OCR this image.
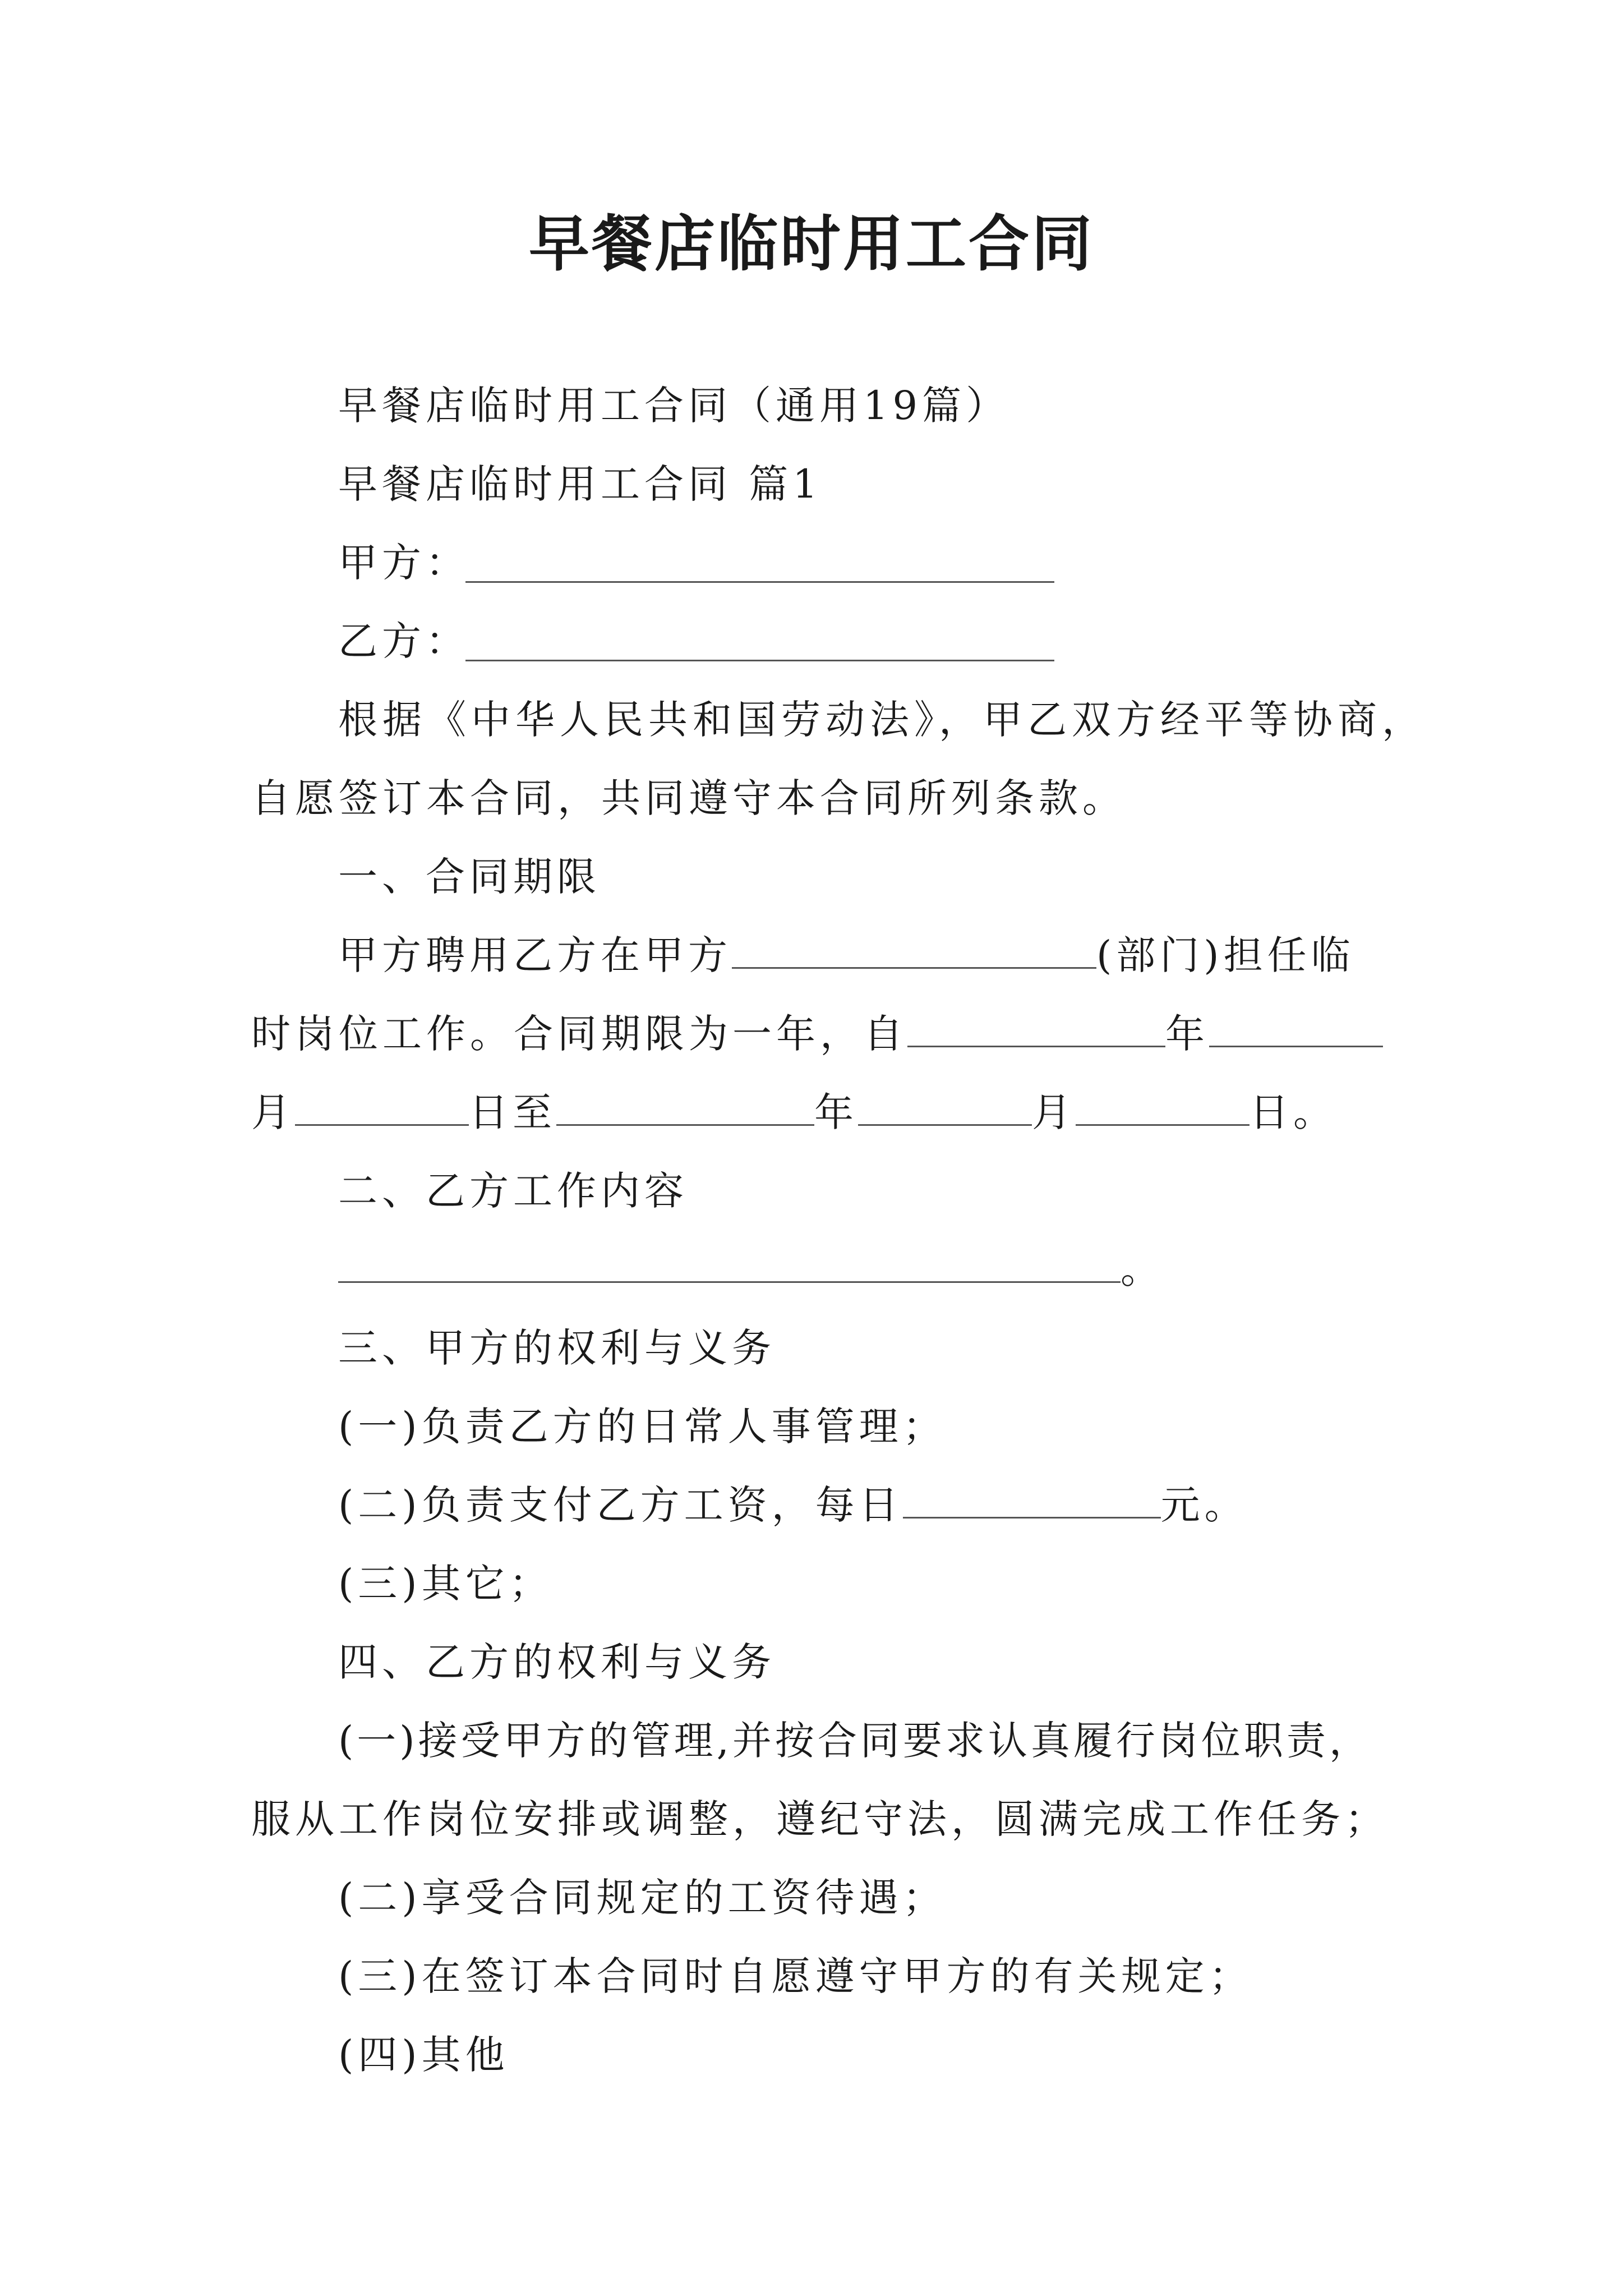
早餐店临时用工合同
早餐店临时用工合同（通用19篇）
早餐店临时用工合同 篇1
甲方：
乙方：
根据《中华人民共和国劳动法》，甲乙双方经平等协商，
自愿签订本合同，共同遵守本合同所列条款。
一、合同期限
甲方聘用乙方在甲方	(部门)担任临
时岗位工作。合同期限为一年，自	年
月	日至	年	月	日。
二、乙方工作内容
。
三、甲方的权利与义务
(一)负责乙方的日常人事管理；
(二)负责支付乙方工资，每日	元。
(三)其它；
四、乙方的权利与义务
(一)接受甲方的管理,并按合同要求认真履行岗位职责，
服从工作岗位安排或调整，遵纪守法，圆满完成工作任务；
(二)享受合同规定的工资待遇；
(三)在签订本合同时自愿遵守甲方的有关规定；
(四)其他
